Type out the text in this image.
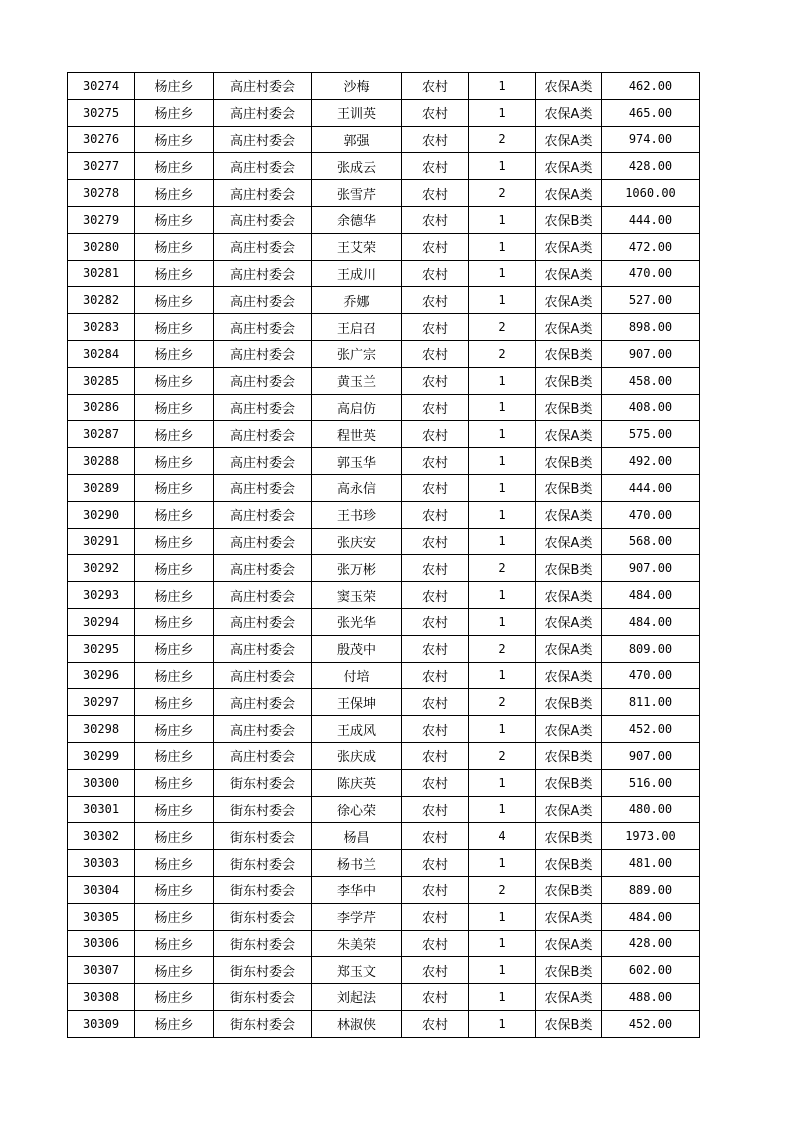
30274	杨庄乡	高庄村委会	沙梅	农村	1	农保A类	462.00
30275	杨庄乡	高庄村委会	王训英	农村	1	农保A类	465.00
30276	杨庄乡	高庄村委会	郭强	农村	2	农保A类	974.00
30277	杨庄乡	高庄村委会	张成云	农村	1	农保A类	428.00
30278	杨庄乡	高庄村委会	张雪芹	农村	2	农保A类	1060.00
30279	杨庄乡	高庄村委会	余德华	农村	1	农保B类	444.00
30280	杨庄乡	高庄村委会	王艾荣	农村	1	农保A类	472.00
30281	杨庄乡	高庄村委会	王成川	农村	1	农保A类	470.00
30282	杨庄乡	高庄村委会	乔娜	农村	1	农保A类	527.00
30283	杨庄乡	高庄村委会	王启召	农村	2	农保A类	898.00
30284	杨庄乡	高庄村委会	张广宗	农村	2	农保B类	907.00
30285	杨庄乡	高庄村委会	黄玉兰	农村	1	农保B类	458.00
30286	杨庄乡	高庄村委会	高启仿	农村	1	农保B类	408.00
30287	杨庄乡	高庄村委会	程世英	农村	1	农保A类	575.00
30288	杨庄乡	高庄村委会	郭玉华	农村	1	农保B类	492.00
30289	杨庄乡	高庄村委会	高永信	农村	1	农保B类	444.00
30290	杨庄乡	高庄村委会	王书珍	农村	1	农保A类	470.00
30291	杨庄乡	高庄村委会	张庆安	农村	1	农保A类	568.00
30292	杨庄乡	高庄村委会	张万彬	农村	2	农保B类	907.00
30293	杨庄乡	高庄村委会	窦玉荣	农村	1	农保A类	484.00
30294	杨庄乡	高庄村委会	张光华	农村	1	农保A类	484.00
30295	杨庄乡	高庄村委会	殷茂中	农村	2	农保A类	809.00
30296	杨庄乡	高庄村委会	付培	农村	1	农保A类	470.00
30297	杨庄乡	高庄村委会	王保坤	农村	2	农保B类	811.00
30298	杨庄乡	高庄村委会	王成风	农村	1	农保A类	452.00
30299	杨庄乡	高庄村委会	张庆成	农村	2	农保B类	907.00
30300	杨庄乡	街东村委会	陈庆英	农村	1	农保B类	516.00
30301	杨庄乡	街东村委会	徐心荣	农村	1	农保A类	480.00
30302	杨庄乡	街东村委会	杨昌	农村	4	农保B类	1973.00
30303	杨庄乡	街东村委会	杨书兰	农村	1	农保B类	481.00
30304	杨庄乡	街东村委会	李华中	农村	2	农保B类	889.00
30305	杨庄乡	街东村委会	李学芹	农村	1	农保A类	484.00
30306	杨庄乡	街东村委会	朱美荣	农村	1	农保A类	428.00
30307	杨庄乡	街东村委会	郑玉文	农村	1	农保B类	602.00
30308	杨庄乡	街东村委会	刘起法	农村	1	农保A类	488.00
30309	杨庄乡	街东村委会	林淑侠	农村	1	农保B类	452.00
